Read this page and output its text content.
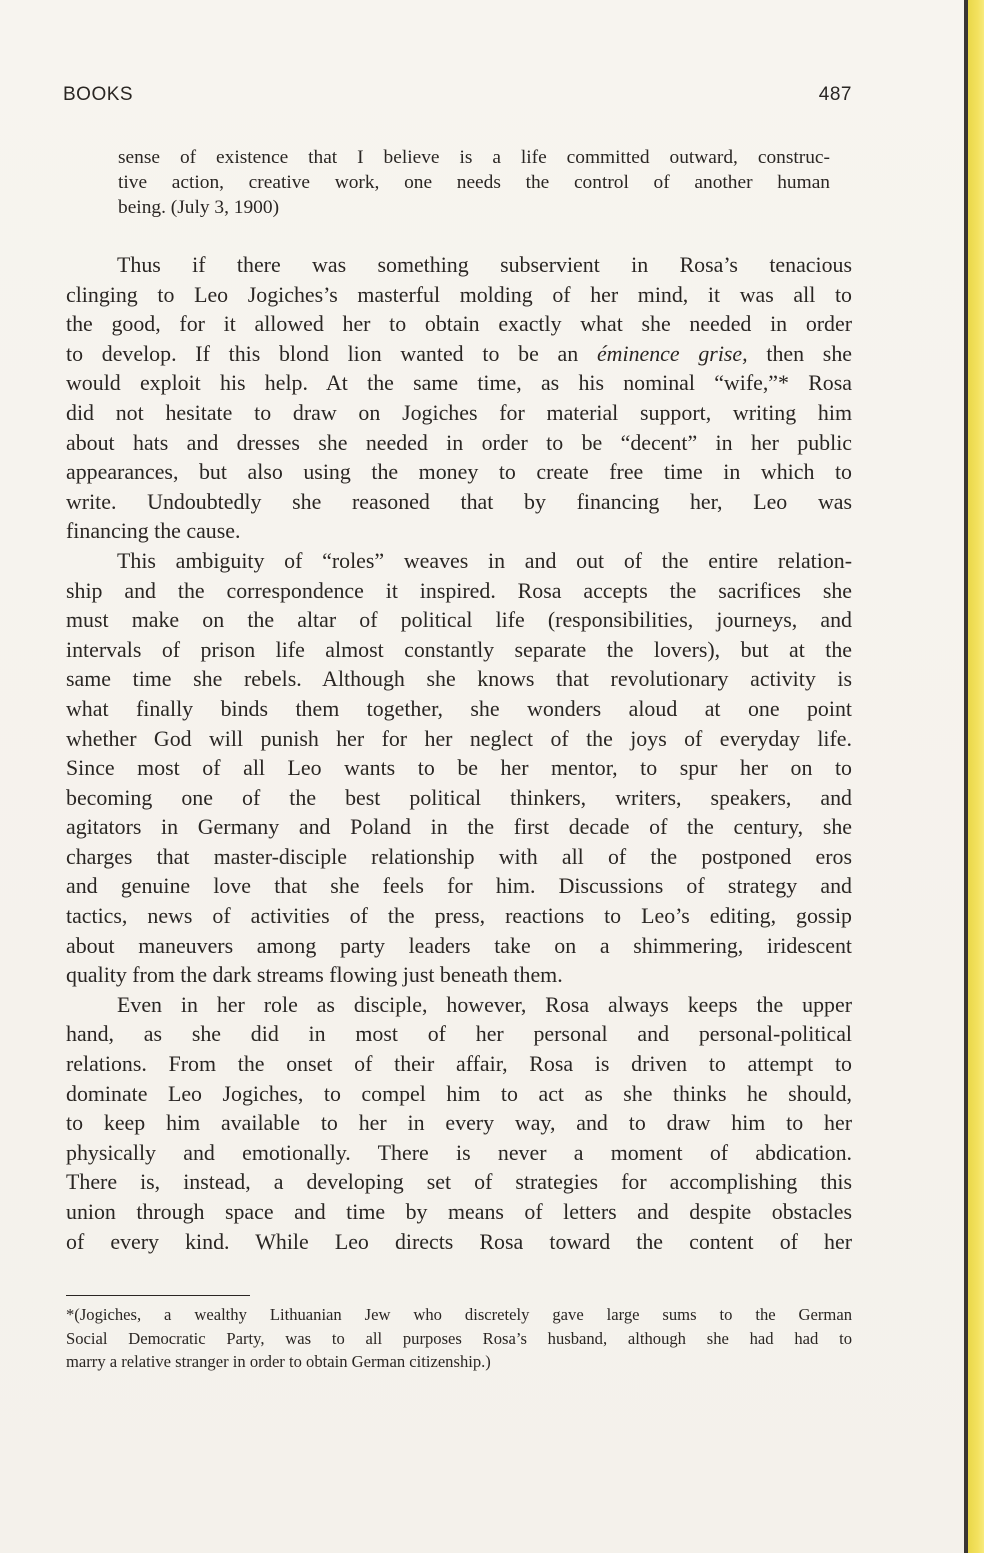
BOOKS	487
sense of existence that I believe is a life committed outward, construc-
tive action, creative work, one needs the control of another human
being. (July 3, 1900)
Thus if there was something subservient in Rosa’s tenacious
clinging to Leo Jogiches’s masterful molding of her mind, it was all to
the good, for it allowed her to obtain exactly what she needed in order
to develop. If this blond lion wanted to be an éminence grise, then she
would exploit his help. At the same time, as his nominal “wife,”* Rosa
did not hesitate to draw on Jogiches for material support, writing him
about hats and dresses she needed in order to be “decent” in her public
appearances, but also using the money to create free time in which to
write. Undoubtedly she reasoned that by financing her, Leo was
financing the cause.
This ambiguity of “roles” weaves in and out of the entire relation-
ship and the correspondence it inspired. Rosa accepts the sacrifices she
must make on the altar of political life (responsibilities, journeys, and
intervals of prison life almost constantly separate the lovers), but at the
same time she rebels. Although she knows that revolutionary activity is
what finally binds them together, she wonders aloud at one point
whether God will punish her for her neglect of the joys of everyday life.
Since most of all Leo wants to be her mentor, to spur her on to
becoming one of the best political thinkers, writers, speakers, and
agitators in Germany and Poland in the first decade of the century, she
charges that master-disciple relationship with all of the postponed eros
and genuine love that she feels for him. Discussions of strategy and
tactics, news of activities of the press, reactions to Leo’s editing, gossip
about maneuvers among party leaders take on a shimmering, iridescent
quality from the dark streams flowing just beneath them.
Even in her role as disciple, however, Rosa always keeps the upper
hand, as she did in most of her personal and personal-political
relations. From the onset of their affair, Rosa is driven to attempt to
dominate Leo Jogiches, to compel him to act as she thinks he should,
to keep him available to her in every way, and to draw him to her
physically and emotionally. There is never a moment of abdication.
There is, instead, a developing set of strategies for accomplishing this
union through space and time by means of letters and despite obstacles
of every kind. While Leo directs Rosa toward the content of her
*(Jogiches, a wealthy Lithuanian Jew who discretely gave large sums to the German
Social Democratic Party, was to all purposes Rosa’s husband, although she had had to
marry a relative stranger in order to obtain German citizenship.)
